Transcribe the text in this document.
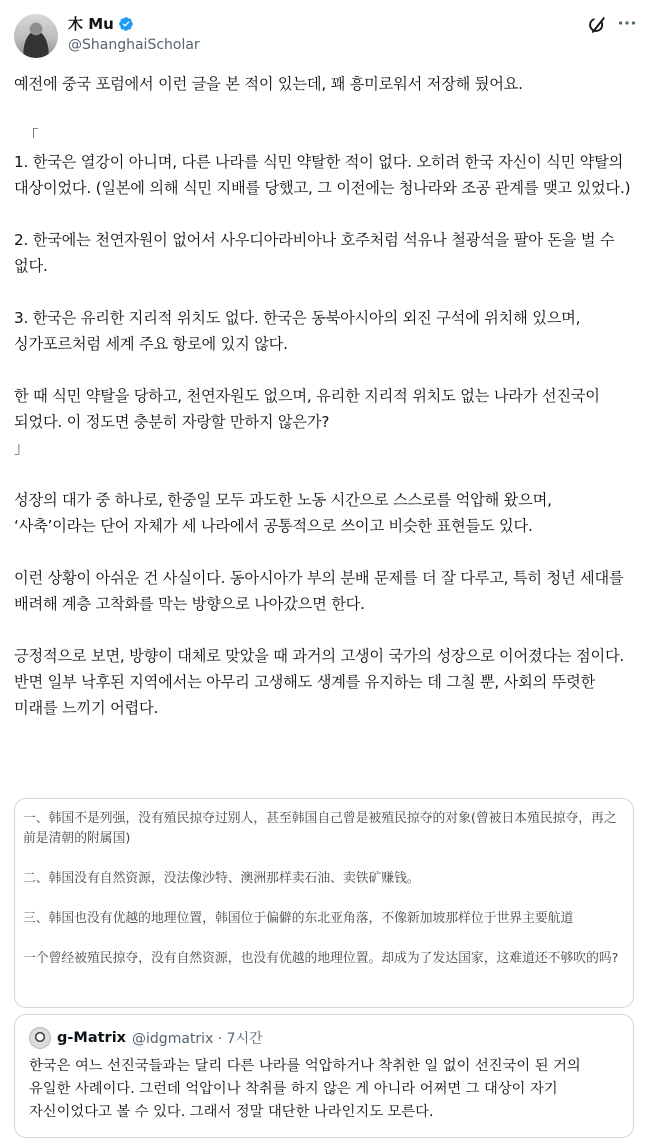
木 Mu
@ShanghaiScholar

예전에 중국 포럼에서 이런 글을 본 적이 있는데, 꽤 흥미로워서 저장해 뒀어요.

「

1. 한국은 열강이 아니며, 다른 나라를 식민 약탈한 적이 없다. 오히려 한국 자신이 식민 약탈의 대상이었다. (일본에 의해 식민 지배를 당했고, 그 이전에는 청나라와 조공 관계를 맺고 있었다.)

2. 한국에는 천연자원이 없어서 사우디아라비아나 호주처럼 석유나 철광석을 팔아 돈을 벌 수 없다.

3. 한국은 유리한 지리적 위치도 없다. 한국은 동북아시아의 외진 구석에 위치해 있으며, 싱가포르처럼 세계 주요 항로에 있지 않다.

한 때 식민 약탈을 당하고, 천연자원도 없으며, 유리한 지리적 위치도 없는 나라가 선진국이 되었다. 이 정도면 충분히 자랑할 만하지 않은가?

」

성장의 대가 중 하나로, 한중일 모두 과도한 노동 시간으로 스스로를 억압해 왔으며, ‘사축’이라는 단어 자체가 세 나라에서 공통적으로 쓰이고 비슷한 표현들도 있다.

이런 상황이 아쉬운 건 사실이다. 동아시아가 부의 분배 문제를 더 잘 다루고, 특히 청년 세대를 배려해 계층 고착화를 막는 방향으로 나아갔으면 한다.

긍정적으로 보면, 방향이 대체로 맞았을 때 과거의 고생이 국가의 성장으로 이어졌다는 점이다. 반면 일부 낙후된 지역에서는 아무리 고생해도 생계를 유지하는 데 그칠 뿐, 사회의 뚜렷한 미래를 느끼기 어렵다.

一、韩国不是列强，没有殖民掠夺过别人，甚至韩国自己曾是被殖民掠夺的对象(曾被日本殖民掠夺，再之前是清朝的附属国)

二、韩国没有自然资源，没法像沙特、澳洲那样卖石油、卖铁矿赚钱。

三、韩国也没有优越的地理位置，韩国位于偏僻的东北亚角落，不像新加坡那样位于世界主要航道

一个曾经被殖民掠夺，没有自然资源，也没有优越的地理位置。却成为了发达国家，这难道还不够吹的吗?

g-Matrix @idgmatrix · 7시간
한국은 여느 선진국들과는 달리 다른 나라를 억압하거나 착취한 일 없이 선진국이 된 거의 유일한 사례이다. 그런데 억압이나 착취를 하지 않은 게 아니라 어쩌면 그 대상이 자기 자신이었다고 볼 수 있다. 그래서 정말 대단한 나라인지도 모른다.
